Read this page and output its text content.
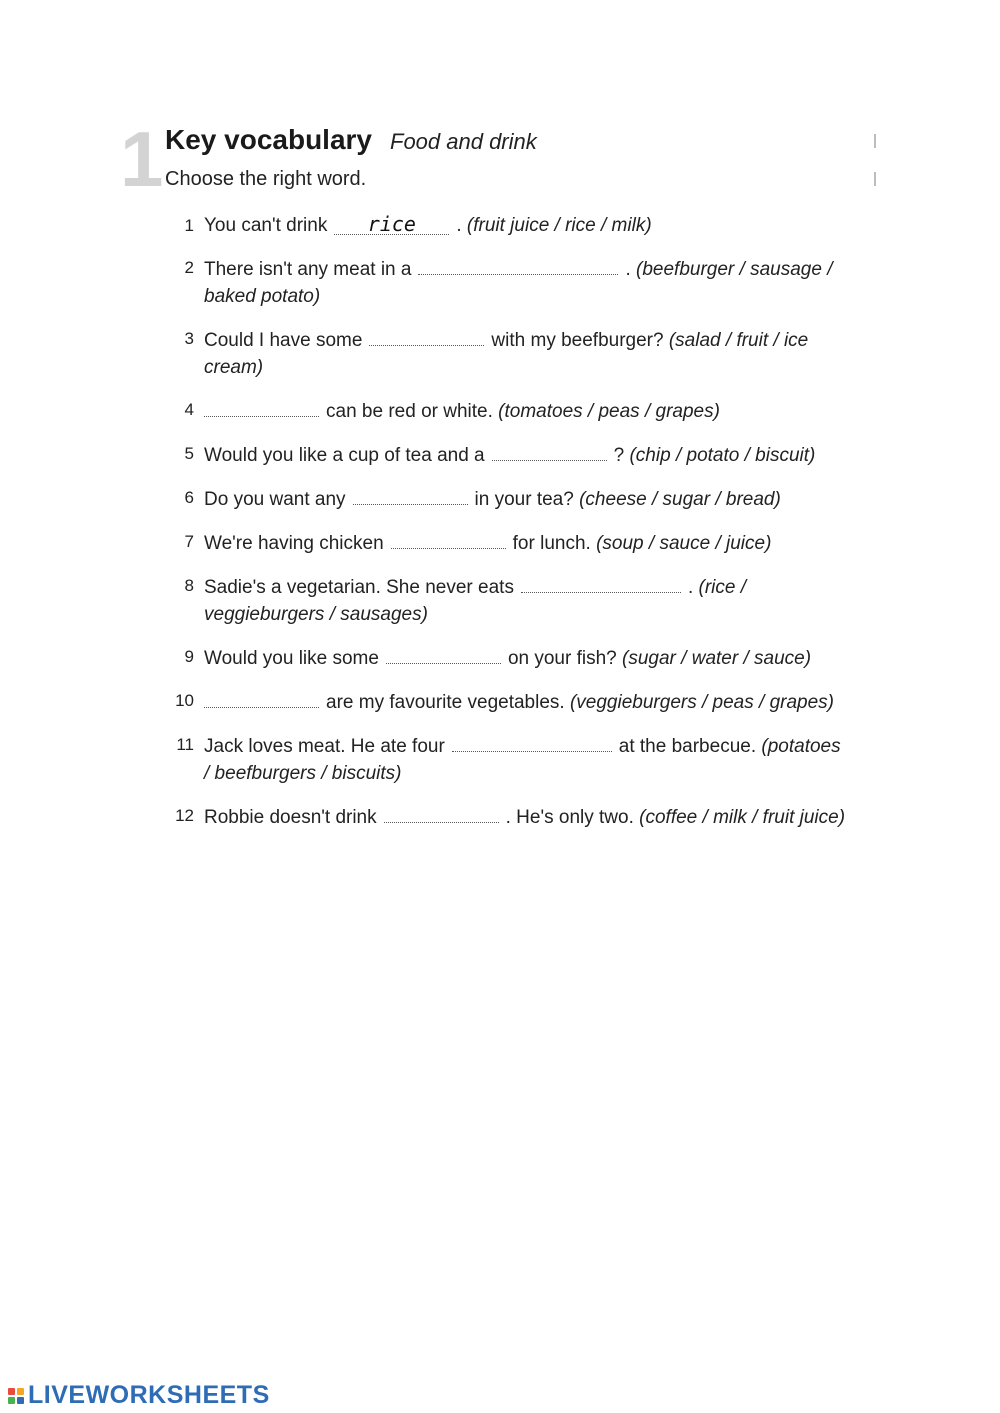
1 Key vocabulary Food and drink
Choose the right word.
1 You can't drink rice . (fruit juice / rice / milk)
2 There isn't any meat in a	. (beefburger / sausage / baked potato)
3 Could I have some	with my beefburger? (salad / fruit / ice cream)
4	can be red or white. (tomatoes / peas / grapes)
5 Would you like a cup of tea and a	? (chip / potato / biscuit)
6 Do you want any	in your tea? (cheese / sugar / bread)
7 We're having chicken	for lunch. (soup / sauce / juice)
8 Sadie's a vegetarian. She never eats	. (rice / veggieburgers / sausages)
9 Would you like some	on your fish? (sugar / water / sauce)
10	are my favourite vegetables. (veggieburgers / peas / grapes)
11 Jack loves meat. He ate four	at the barbecue. (potatoes / beefburgers / biscuits)
12 Robbie doesn't drink	. He's only two. (coffee / milk / fruit juice)
LIVEWORKSHEETS
